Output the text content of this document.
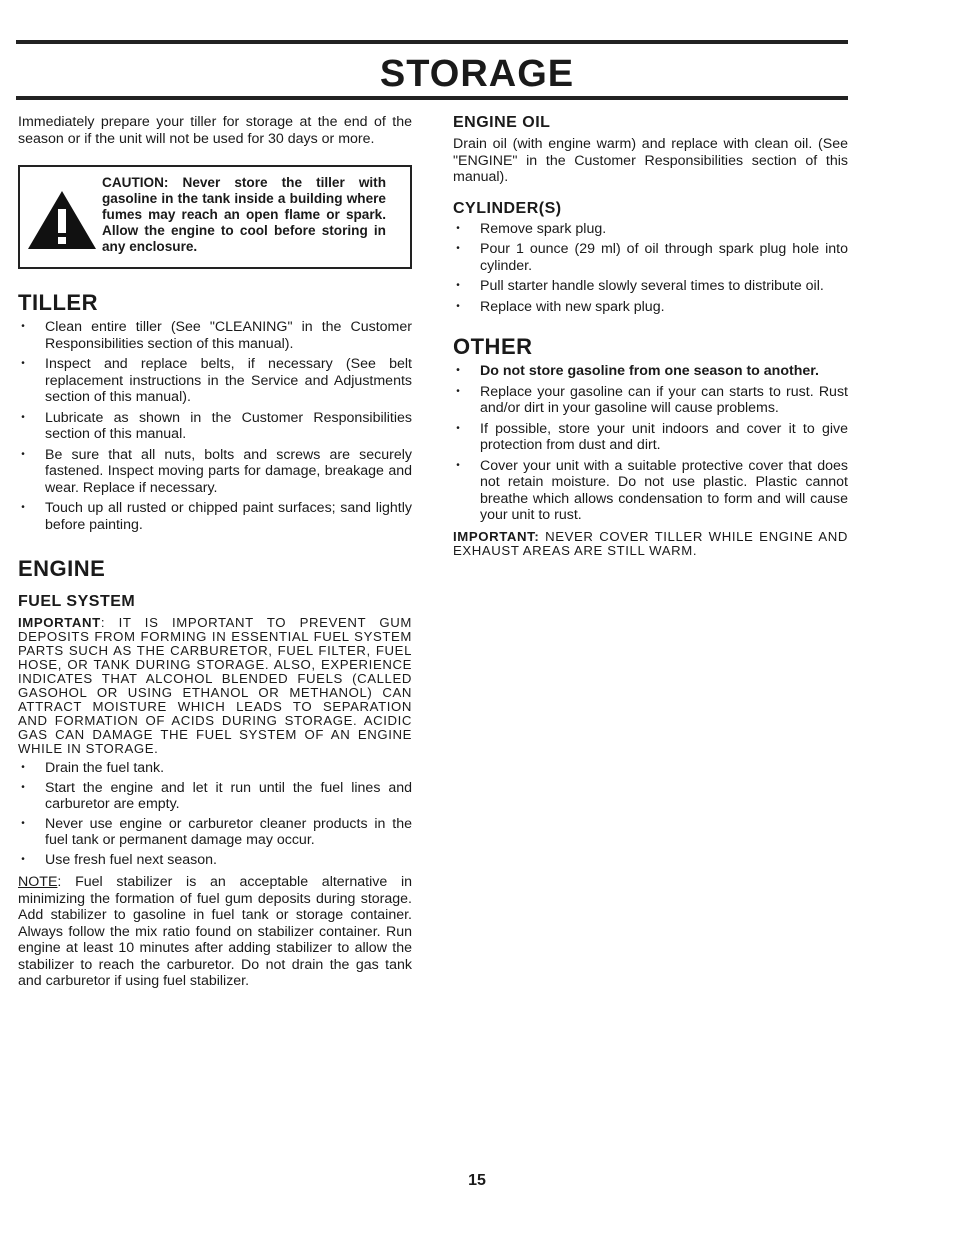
STORAGE

Immediately prepare your tiller for storage at the end of the season or if the unit will not be used for 30 days or more.

CAUTION: Never store the tiller with gasoline in the tank inside a building where fumes may reach an open flame or spark. Allow the engine to cool before storing in any enclosure.

TILLER
• Clean entire tiller (See "CLEANING" in the Customer Responsibilities section of this manual).
• Inspect and replace belts, if necessary (See belt replacement instructions in the Service and Adjustments section of this manual).
• Lubricate as shown in the Customer Responsibilities section of this manual.
• Be sure that all nuts, bolts and screws are securely fastened. Inspect moving parts for damage, breakage and wear. Replace if necessary.
• Touch up all rusted or chipped paint surfaces; sand lightly before painting.
ENGINE
FUEL SYSTEM

IMPORTANT: IT IS IMPORTANT TO PREVENT GUM DEPOSITS FROM FORMING IN ESSENTIAL FUEL SYSTEM PARTS SUCH AS THE CARBURETOR, FUEL FILTER, FUEL HOSE, OR TANK DURING STORAGE. ALSO, EXPERIENCE INDICATES THAT ALCOHOL BLENDED FUELS (CALLED GASOHOL OR USING ETHANOL OR METHANOL) CAN ATTRACT MOISTURE WHICH LEADS TO SEPARATION AND FORMATION OF ACIDS DURING STORAGE. ACIDIC GAS CAN DAMAGE THE FUEL SYSTEM OF AN ENGINE WHILE IN STORAGE.

• Drain the fuel tank.
• Start the engine and let it run until the fuel lines and carburetor are empty.
• Never use engine or carburetor cleaner products in the fuel tank or permanent damage may occur.
• Use fresh fuel next season.

NOTE: Fuel stabilizer is an acceptable alternative in minimizing the formation of fuel gum deposits during storage. Add stabilizer to gasoline in fuel tank or storage container. Always follow the mix ratio found on stabilizer container. Run engine at least 10 minutes after adding stabilizer to allow the stabilizer to reach the carburetor. Do not drain the gas tank and carburetor if using fuel stabilizer.

ENGINE OIL

Drain oil (with engine warm) and replace with clean oil. (See "ENGINE" in the Customer Responsibilities section of this manual).

CYLINDER(S)
• Remove spark plug.
• Pour 1 ounce (29 ml) of oil through spark plug hole into cylinder.
• Pull starter handle slowly several times to distribute oil.
• Replace with new spark plug.
OTHER
• Do not store gasoline from one season to another.
• Replace your gasoline can if your can starts to rust. Rust and/or dirt in your gasoline will cause problems.
• If possible, store your unit indoors and cover it to give protection from dust and dirt.
• Cover your unit with a suitable protective cover that does not retain moisture. Do not use plastic. Plastic cannot breathe which allows condensation to form and will cause your unit to rust.

IMPORTANT: NEVER COVER TILLER WHILE ENGINE AND EXHAUST AREAS ARE STILL WARM.

15
